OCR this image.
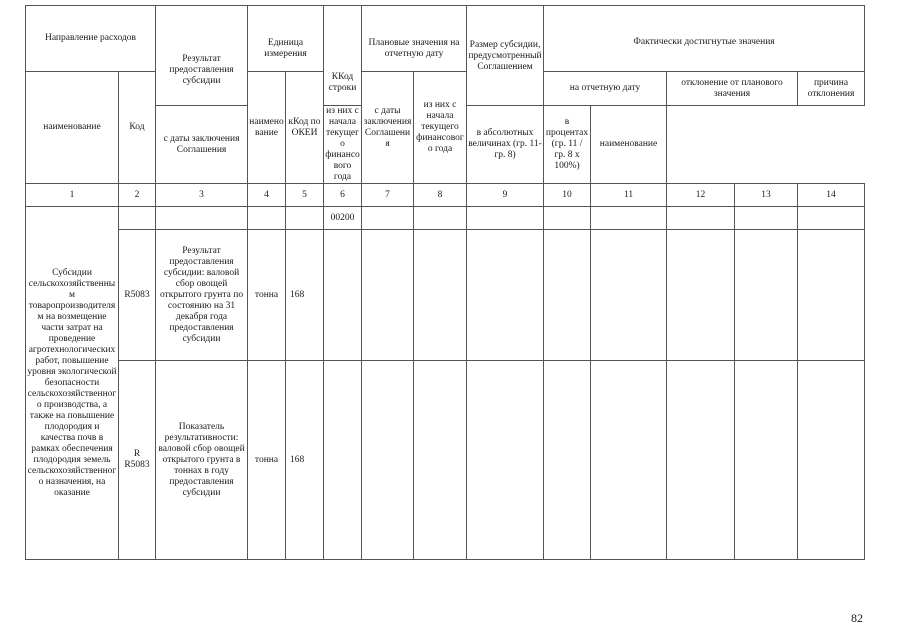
Направление расходов		Результат предоставления субсидии	Единица измерения		ККод строки	Плановые значения на отчетную дату		Размер субсидии, предусмотренный Соглашением	Фактически достигнутые значения				
наименование	Код		наименование	кКод по ОКЕИ		с даты заключения Соглашения	из них с начала текущего финансового года		на отчетную дату		отклонение от планового значения		причина отклонения
		с даты заключения Соглашения			из них с начала текущего финансового года			в абсолютных величинах (гр. 11- гр. 8)	в процентах (гр. 11 / гр. 8 х 100%)	наименование			
1	2	3	4	5	6	7	8	9	10	11	12	13	14
Субсидии сельскохозяйственным товаропроизводителям на возмещение части затрат на проведение агротехнологических работ, повышение уровня экологической безопасности сельскохозяйственного производства, а также на повышение плодородия и качества почв в рамках обеспечения плодородия земель сельскохозяйственного назначения, на оказание					00200								
	R5083	Результат предоставления субсидии: валовой сбор овощей открытого грунта по состоянию на 31 декабря года предоставления субсидии	тонна	168									
	R R5083	Показатель результативности: валовой сбор овощей открытого грунта в тоннах в году предоставления субсидии	тонна	168									
82
